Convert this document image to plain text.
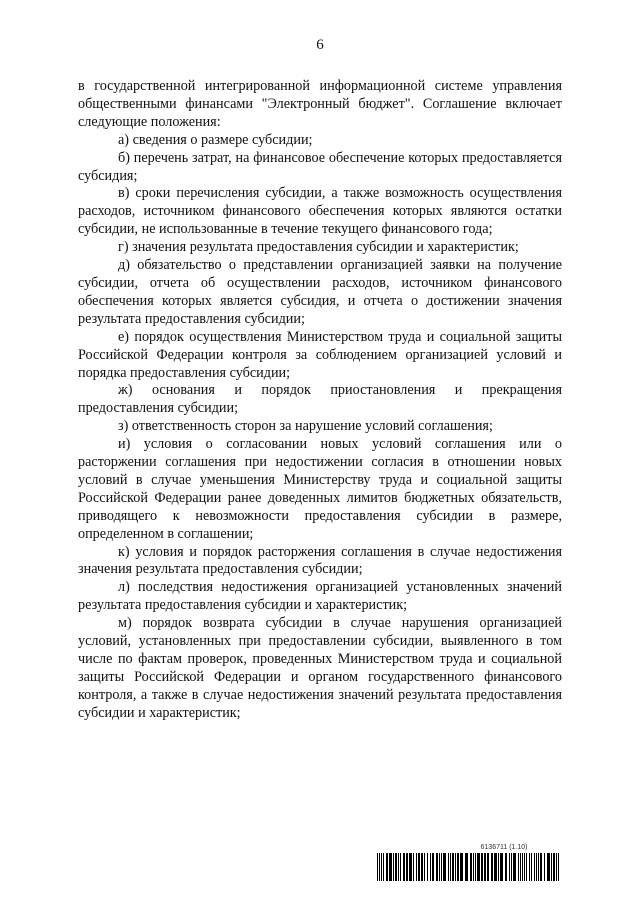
6

в государственной интегрированной информационной системе управления общественными финансами "Электронный бюджет". Соглашение включает следующие положения:

а) сведения о размере субсидии;

б) перечень затрат, на финансовое обеспечение которых предоставляется субсидия;

в) сроки перечисления субсидии, а также возможность осуществления расходов, источником финансового обеспечения которых являются остатки субсидии, не использованные в течение текущего финансового года;

г) значения результата предоставления субсидии и характеристик;

д) обязательство о представлении организацией заявки на получение субсидии, отчета об осуществлении расходов, источником финансового обеспечения которых является субсидия, и отчета о достижении значения результата предоставления субсидии;

е) порядок осуществления Министерством труда и социальной защиты Российской Федерации контроля за соблюдением организацией условий и порядка предоставления субсидии;

ж) основания и порядок приостановления и прекращения предоставления субсидии;

з) ответственность сторон за нарушение условий соглашения;

и) условия о согласовании новых условий соглашения или о расторжении соглашения при недостижении согласия в отношении новых условий в случае уменьшения Министерству труда и социальной защиты Российской Федерации ранее доведенных лимитов бюджетных обязательств, приводящего к невозможности предоставления субсидии в размере, определенном в соглашении;

к) условия и порядок расторжения соглашения в случае недостижения значения результата предоставления субсидии;

л) последствия недостижения организацией установленных значений результата предоставления субсидии и характеристик;

м) порядок возврата субсидии в случае нарушения организацией условий, установленных при предоставлении субсидии, выявленного в том числе по фактам проверок, проведенных Министерством труда и социальной защиты Российской Федерации и органом государственного финансового контроля, а также в случае недостижения значений результата предоставления субсидии и характеристик;

6136711 (1.10)
